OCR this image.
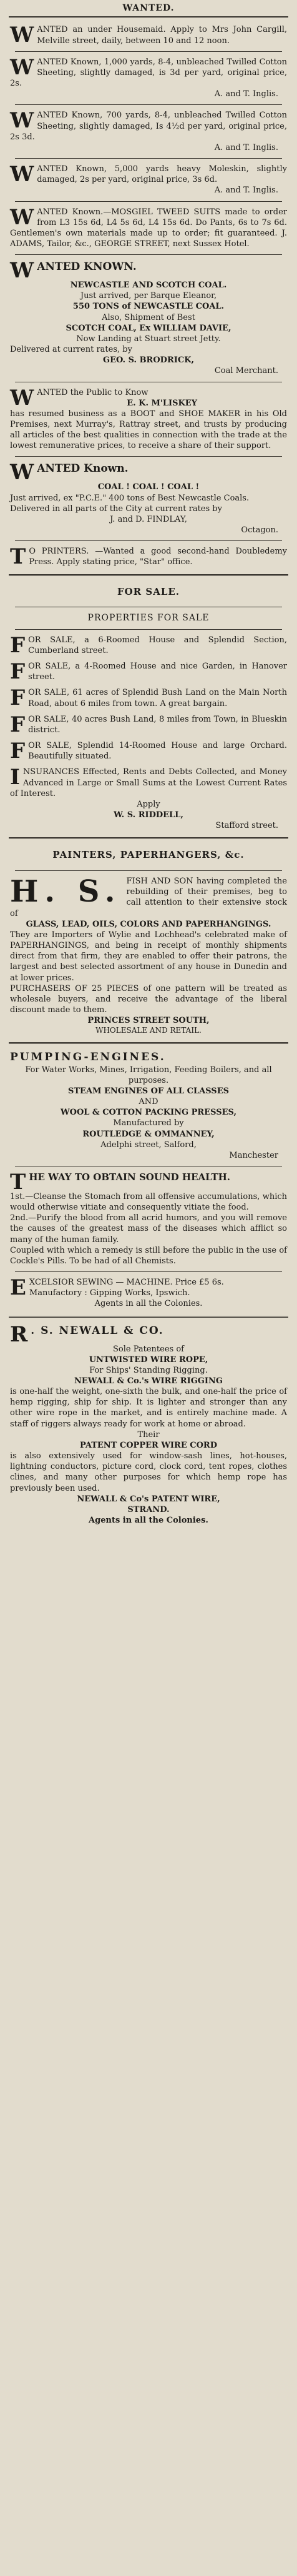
WANTED.
W ANTED an under Housemaid. Apply to Mrs John Cargill, Melville street, daily, between 10 and 12 noon.

W ANTED Known, 1,000 yards, 8-4, unbleached Twilled Cotton Sheeting, slightly damaged, is 3d per yard, original price, 2s.

A. and T. Inglis.

W ANTED Known, 700 yards, 8-4, unbleached Twilled Cotton Sheeting, slightly damaged, Is 4½d per yard, original price, 2s 3d.

A. and T. Inglis.

W ANTED Known, 5,000 yards heavy Moleskin, slightly damaged, 2s per yard, original price, 3s 6d.

A. and T. Inglis.

W ANTED Known.—MOSGIEL TWEED SUITS made to order from L3 15s 6d, L4 5s 6d, L4 15s 6d. Do Pants, 6s to 7s 6d. Gentlemen's own materials made up to order; fit guaranteed. J. ADAMS, Tailor, &c., GEORGE STREET, next Sussex Hotel.

W ANTED KNOWN.

NEWCASTLE AND SCOTCH COAL.

Just arrived, per Barque Eleanor,

550 TONS of NEWCASTLE COAL.

Also, Shipment of Best

SCOTCH COAL, Ex WILLIAM DAVIE,

Now Landing at Stuart street Jetty.

Delivered at current rates, by

GEO. S. BRODRICK,

Coal Merchant.

W ANTED the Public to Know

E. K. M'LISKEY

has resumed business as a BOOT and SHOE MAKER in his Old Premises, next Murray's, Rattray street, and trusts by producing all articles of the best qualities in connection with the trade at the lowest remunerative prices, to receive a share of their support.

W ANTED Known.

COAL ! COAL ! COAL !

Just arrived, ex "P.C.E." 400 tons of Best Newcastle Coals.

Delivered in all parts of the City at current rates by

J. and D. FINDLAY,

Octagon.

T O PRINTERS. —Wanted a good second-hand Doubledemy Press. Apply stating price, "Star" office.

FOR SALE.
PROPERTIES FOR SALE
F OR SALE, a 6-Roomed House and Splendid Section, Cumberland street.

F OR SALE, a 4-Roomed House and nice Garden, in Hanover street.

F OR SALE, 61 acres of Splendid Bush Land on the Main North Road, about 6 miles from town. A great bargain.

F OR SALE, 40 acres Bush Land, 8 miles from Town, in Blueskin district.

F OR SALE, Splendid 14-Roomed House and large Orchard. Beautifully situated.

I NSURANCES Effected, Rents and Debts Collected, and Money Advanced in Large or Small Sums at the Lowest Current Rates of Interest.

Apply

W. S. RIDDELL,

Stafford street.

PAINTERS, PAPERHANGERS, &c.
H. S. FISH AND SON having completed the rebuilding of their premises, beg to call attention to their extensive stock of

GLASS, LEAD, OILS, COLORS AND PAPERHANGINGS.

They are Importers of Wylie and Lochhead's celebrated make of PAPERHANGINGS, and being in receipt of monthly shipments direct from that firm, they are enabled to offer their patrons, the largest and best selected assortment of any house in Dunedin and at lower prices.

PURCHASERS OF 25 PIECES of one pattern will be treated as wholesale buyers, and receive the advantage of the liberal discount made to them.

PRINCES STREET SOUTH,

WHOLESALE AND RETAIL.

PUMPING-ENGINES.

For Water Works, Mines, Irrigation, Feeding Boilers, and all purposes.

STEAM ENGINES OF ALL CLASSES

AND

WOOL & COTTON PACKING PRESSES,

Manufactured by

ROUTLEDGE & OMMANNEY,

Adelphi street, Salford,

Manchester

T HE WAY TO OBTAIN SOUND HEALTH.

1st.—Cleanse the Stomach from all offensive accumulations, which would otherwise vitiate and consequently vitiate the food.

2nd.—Purify the blood from all acrid humors, and you will remove the causes of the greatest mass of the diseases which afflict so many of the human family.

Coupled with which a remedy is still before the public in the use of Cockle's Pills. To be had of all Chemists.

E XCELSIOR SEWING — MACHINE. Price £5 6s.

Manufactory : Gipping Works, Ipswich.

Agents in all the Colonies.

R . S. NEWALL & CO.

Sole Patentees of

UNTWISTED WIRE ROPE,

For Ships' Standing Rigging.

NEWALL & Co.'s WIRE RIGGING

is one-half the weight, one-sixth the bulk, and one-half the price of hemp rigging, ship for ship. It is lighter and stronger than any other wire rope in the market, and is entirely machine made. A staff of riggers always ready for work at home or abroad.

Their

PATENT COPPER WIRE CORD

is also extensively used for window-sash lines, hot-houses, lightning conductors, picture cord, clock cord, tent ropes, clothes clines, and many other purposes for which hemp rope has previously been used.

NEWALL & Co's PATENT WIRE,

STRAND.

Agents in all the Colonies.
